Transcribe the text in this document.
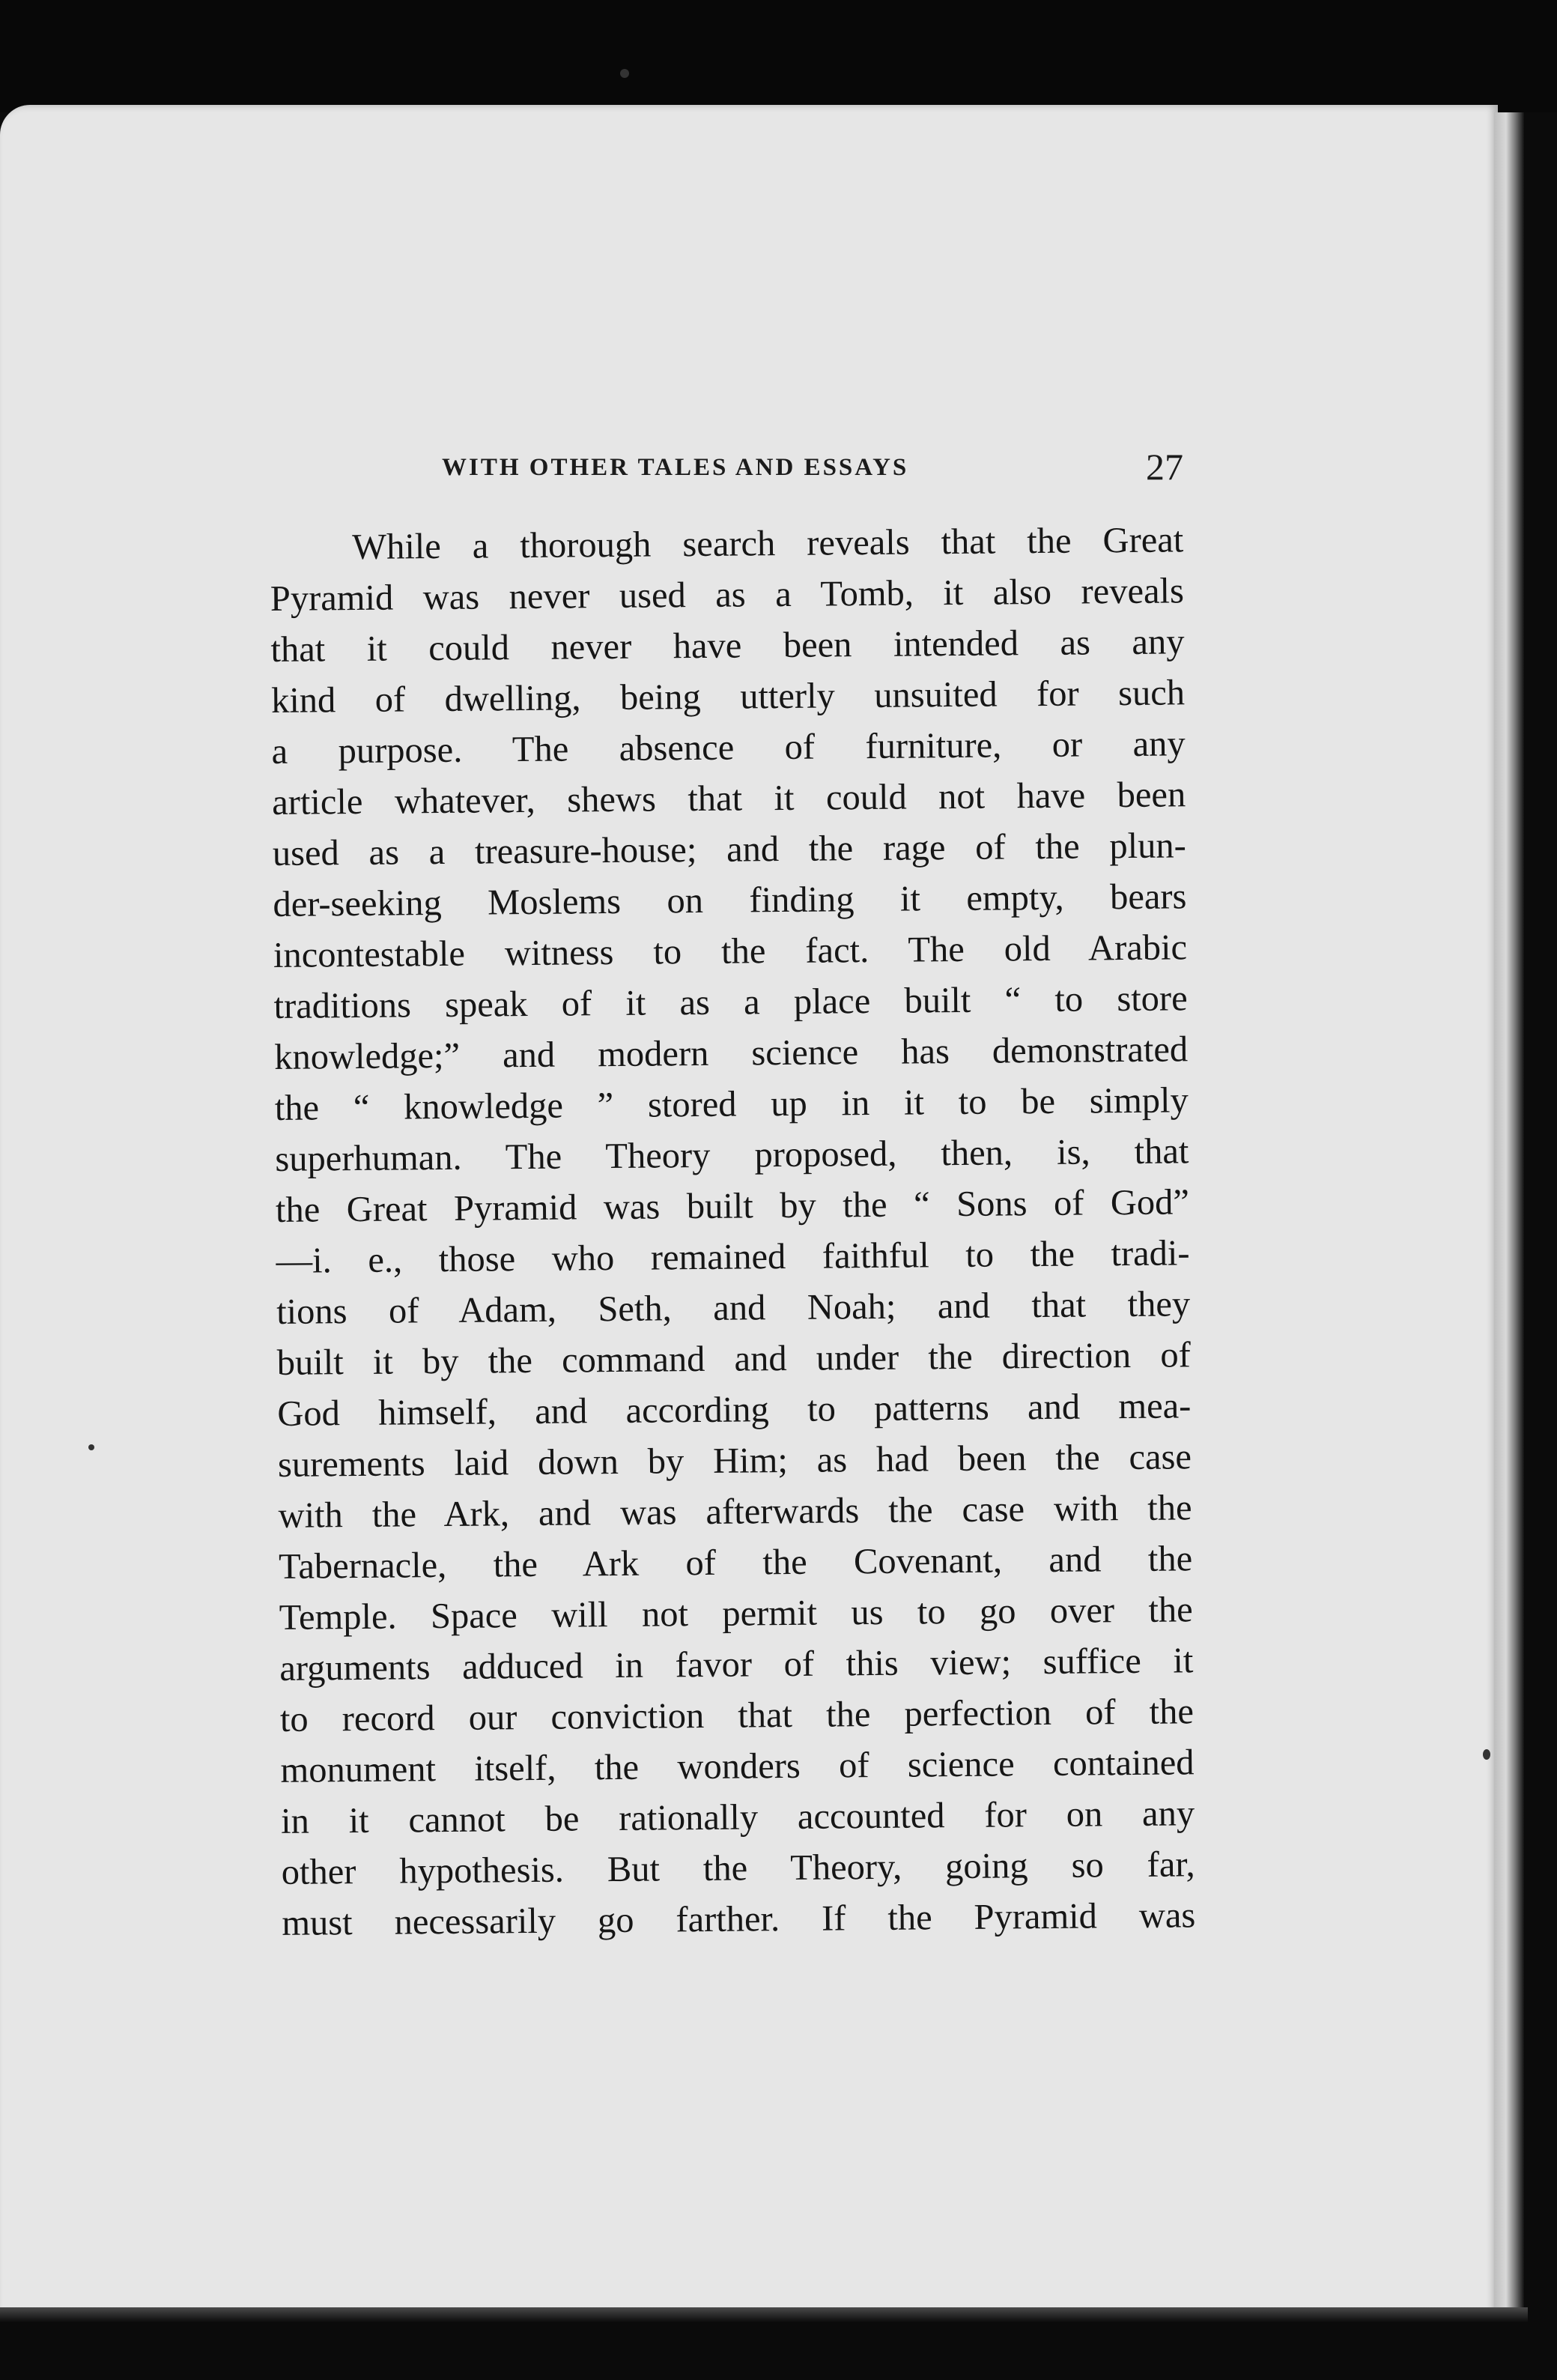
WITH OTHER TALES AND ESSAYS	27
While a thorough search reveals that the Great
Pyramid was never used as a Tomb, it also reveals
that it could never have been intended as any
kind of dwelling, being utterly unsuited for such
a purpose. The absence of furniture, or any
article whatever, shews that it could not have been
used as a treasure-house; and the rage of the plun-
der-seeking Moslems on finding it empty, bears
incontestable witness to the fact. The old Arabic
traditions speak of it as a place built “ to store
knowledge;” and modern science has demonstrated
the “ knowledge ” stored up in it to be simply
superhuman. The Theory proposed, then, is, that
the Great Pyramid was built by the “ Sons of God”
—i. e., those who remained faithful to the tradi-
tions of Adam, Seth, and Noah; and that they
built it by the command and under the direction of
God himself, and according to patterns and mea-
surements laid down by Him; as had been the case
with the Ark, and was afterwards the case with the
Tabernacle, the Ark of the Covenant, and the
Temple. Space will not permit us to go over the
arguments adduced in favor of this view; suffice it
to record our conviction that the perfection of the
monument itself, the wonders of science contained
in it cannot be rationally accounted for on any
other hypothesis. But the Theory, going so far,
must necessarily go farther. If the Pyramid was
